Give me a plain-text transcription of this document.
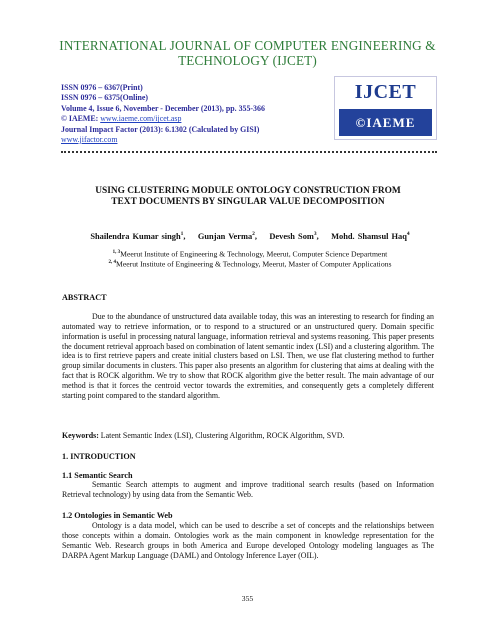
INTERNATIONAL JOURNAL OF COMPUTER ENGINEERING &
TECHNOLOGY (IJCET)
ISSN 0976 – 6367(Print)
ISSN 0976 – 6375(Online)
Volume 4, Issue 6, November - December (2013), pp. 355-366
© IAEME: www.iaeme.com/ijcet.asp
Journal Impact Factor (2013): 6.1302 (Calculated by GISI)
www.jifactor.com
IJCET
©IAEME
USING CLUSTERING MODULE ONTOLOGY CONSTRUCTION FROM
TEXT DOCUMENTS BY SINGULAR VALUE DECOMPOSITION
Shailendra Kumar singh$^1$,    Gunjan Verma$^2$,    Devesh Som$^3$,    Mohd. Shamsul Haq$^4$
$^{1, 3}$Meerut Institute of Engineering & Technology, Meerut, Computer Science Department
$^{2, 4}$Meerut Institute of Engineering & Technology, Meerut, Master of Computer Applications
ABSTRACT
Due to the abundance of unstructured data available today, this was an interesting to research for finding an automated way to retrieve information, or to respond to a structured or an unstructured query. Domain specific information is useful in processing natural language, information retrieval and systems reasoning. This paper presents the document retrieval approach based on combination of latent semantic index (LSI) and a clustering algorithm. The idea is to first retrieve papers and create initial clusters based on LSI. Then, we use flat clustering method to further group similar documents in clusters. This paper also presents an algorithm for clustering that aims at dealing with the fact that is ROCK algorithm. We try to show that ROCK algorithm give the better result. The main advantage of our method is that it forces the centroid vector towards the extremities, and consequently gets a completely different starting point compared to the standard algorithm.
Keywords: Latent Semantic Index (LSI), Clustering Algorithm, ROCK Algorithm, SVD.
1. INTRODUCTION
1.1 Semantic Search
Semantic Search attempts to augment and improve traditional search results (based on Information Retrieval technology) by using data from the Semantic Web.
1.2 Ontologies in Semantic Web
Ontology is a data model, which can be used to describe a set of concepts and the relationships between those concepts within a domain. Ontologies work as the main component in knowledge representation for the Semantic Web. Research groups in both America and Europe developed Ontology modeling languages as The DARPA Agent Markup Language (DAML) and Ontology Inference Layer (OIL).
355
